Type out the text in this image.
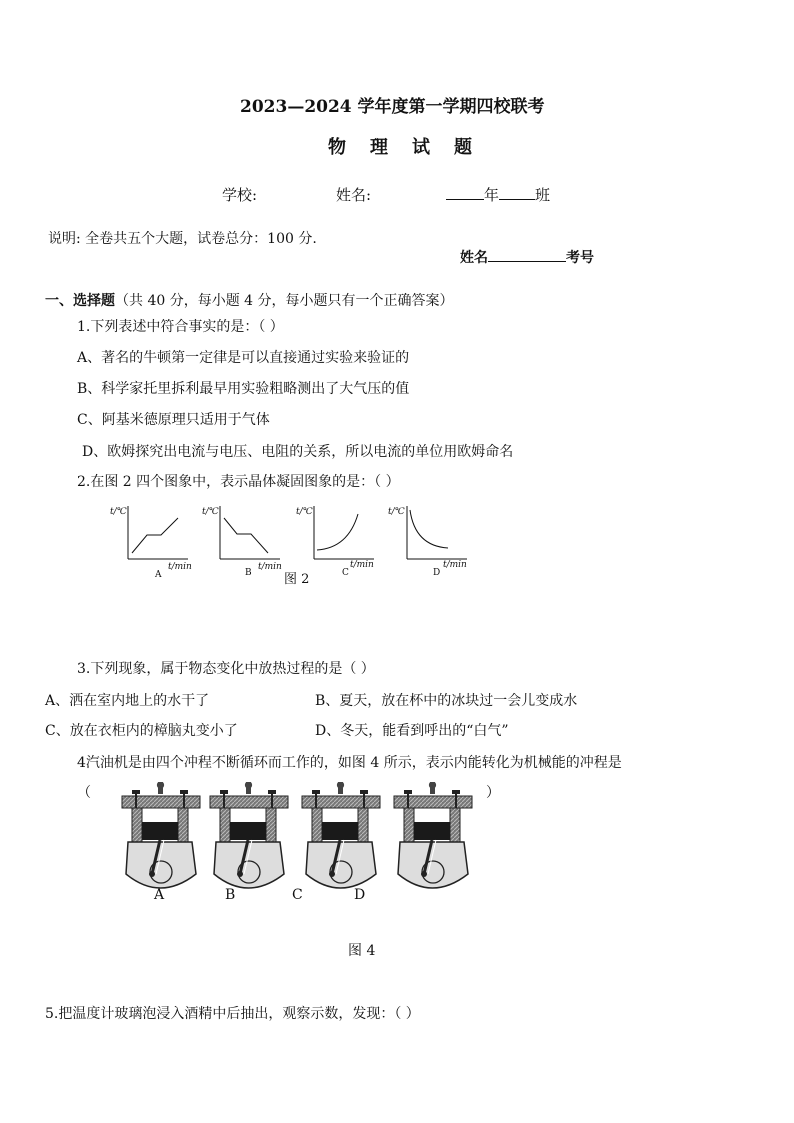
2023—2024 学年度第一学期四校联考
物 理 试 题
学校:	姓名:	年 班
说明: 全卷共五个大题，试卷总分：100 分.
姓名	考号
一、选择题（共 40 分，每小题 4 分，每小题只有一个正确答案）
1.下列表述中符合事实的是：（ ）
A、著名的牛顿第一定律是可以直接通过实验来验证的
B、科学家托里拆利最早用实验粗略测出了大气压的值
C、阿基米德原理只适用于气体
D、欧姆探究出电流与电压、电阻的关系，所以电流的单位用欧姆命名
2.在图 2 四个图象中，表示晶体凝固图象的是：（ ）
t/℃
t/min
A
t/℃
t/min
B
t/℃
t/min
C
t/℃
t/min
D
图 2
3.下列现象，属于物态变化中放热过程的是（ ）
A、洒在室内地上的水干了	B、夏天，放在杯中的冰块过一会儿变成水
C、放在衣柜内的樟脑丸变小了	D、冬天，能看到呼出的“白气”
4汽油机是由四个冲程不断循环而工作的，如图 4 所示，表示内能转化为机械能的冲程是
（	）
A	B	C	D
图 4
5.把温度计玻璃泡浸入酒精中后抽出，观察示数，发现：（ ）
